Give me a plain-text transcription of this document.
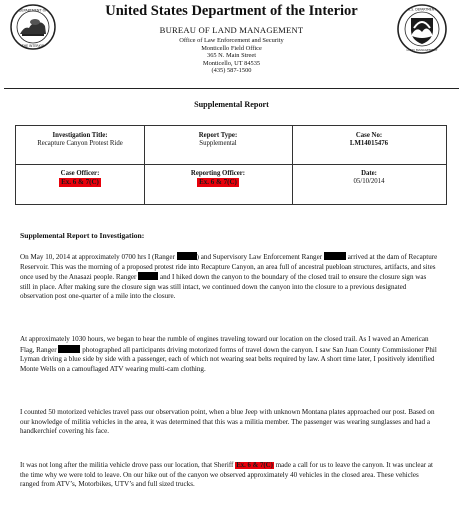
DEPARTMENT OF
THE INTERIOR
United States Department of the Interior
BUREAU OF LAND MANAGEMENT
Office of Law Enforcement and Security
Monticello Field Office
365 N. Main Street
Monticello, UT 84535
(435) 587-1500
U.S. DEPARTMENT
LAND MANAGEMENT
Supplemental Report
Investigation Title:
Recapture Canyon Protest Ride
Report Type:
Supplemental
Case No:
LM14015476
Case Officer:
Ex. 6 & 7(C)
Reporting Officer:
Ex. 6 & 7(C)
Date:
05/10/2014
Supplemental Report to Investigation:

On May 10, 2014 at approximately 0700 hrs I (Ranger	) and Supervisory Law Enforcement Ranger	arrived at the dam of Recapture Reservoir. This was the morning of a proposed protest ride into Recapture Canyon, an area full of ancestral puebloan structures, artifacts, and sites once used by the Anasazi people. Ranger	and I hiked down the canyon to the boundary of the closed trail to ensure the closure sign was still in place. After making sure the closure sign was still intact, we continued down the canyon into the closure to a previous designated observation post one-quarter of a mile into the closure.

At approximately 1030 hours, we began to hear the rumble of engines traveling toward our location on the closed trail. As I waved an American Flag, Ranger	photographed all participants driving motorized forms of travel down the canyon. I saw San Juan County Commissioner Phil Lyman driving a blue side by side with a passenger, each of which not wearing seat belts required by law. A short time later, I positively identified Monte Wells on a camouflaged ATV wearing multi-cam clothing.

I counted 50 motorized vehicles travel pass our observation point, when a blue Jeep with unknown Montana plates approached our post. Based on our knowledge of militia vehicles in the area, it was determined that this was a militia member. The passenger was wearing sunglasses and had a handkerchief covering his face.

It was not long after the militia vehicle drove pass our location, that Sheriff Ex. 6 & 7(C) made a call for us to leave the canyon. It was unclear at the time why we were told to leave. On our hike out of the canyon we observed approximately 40 vehicles in the closed area. These vehicles ranged from ATV’s, Motorbikes, UTV’s and full sized trucks.
